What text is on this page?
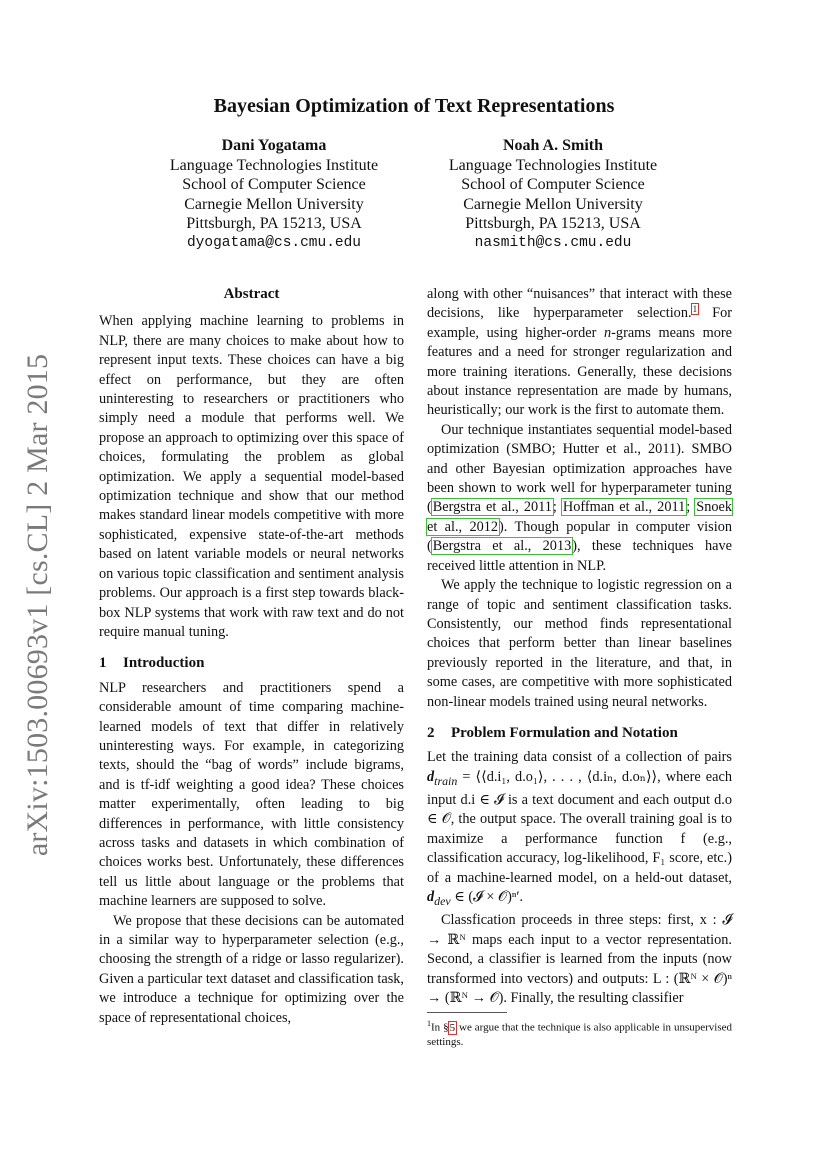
arXiv:1503.00693v1 [cs.CL] 2 Mar 2015
Bayesian Optimization of Text Representations
Dani Yogatama
Language Technologies Institute
School of Computer Science
Carnegie Mellon University
Pittsburgh, PA 15213, USA
dyogatama@cs.cmu.edu
Noah A. Smith
Language Technologies Institute
School of Computer Science
Carnegie Mellon University
Pittsburgh, PA 15213, USA
nasmith@cs.cmu.edu
Abstract

When applying machine learning to problems in NLP, there are many choices to make about how to represent input texts. These choices can have a big effect on performance, but they are often uninteresting to researchers or practitioners who simply need a module that performs well. We propose an approach to optimizing over this space of choices, formulating the problem as global optimization. We apply a sequential model-based optimization technique and show that our method makes standard linear models competitive with more sophisticated, expensive state-of-the-art methods based on latent variable models or neural networks on various topic classification and sentiment analysis problems. Our approach is a first step towards black-box NLP systems that work with raw text and do not require manual tuning.

1 Introduction

NLP researchers and practitioners spend a considerable amount of time comparing machine-learned models of text that differ in relatively uninteresting ways. For example, in categorizing texts, should the “bag of words” include bigrams, and is tf-idf weighting a good idea? These choices matter experimentally, often leading to big differences in performance, with little consistency across tasks and datasets in which combination of choices works best. Unfortunately, these differences tell us little about language or the problems that machine learners are supposed to solve.

We propose that these decisions can be automated in a similar way to hyperparameter selection (e.g., choosing the strength of a ridge or lasso regularizer). Given a particular text dataset and classification task, we introduce a technique for optimizing over the space of representational choices,

along with other “nuisances” that interact with these decisions, like hyperparameter selection.$^1$ For example, using higher-order n-grams means more features and a need for stronger regularization and more training iterations. Generally, these decisions about instance representation are made by humans, heuristically; our work is the first to automate them.

Our technique instantiates sequential model-based optimization (SMBO; Hutter et al., 2011). SMBO and other Bayesian optimization approaches have been shown to work well for hyperparameter tuning (Bergstra et al., 2011; Hoffman et al., 2011; Snoek et al., 2012). Though popular in computer vision (Bergstra et al., 2013), these techniques have received little attention in NLP.

We apply the technique to logistic regression on a range of topic and sentiment classification tasks. Consistently, our method finds representational choices that perform better than linear baselines previously reported in the literature, and that, in some cases, are competitive with more sophisticated non-linear models trained using neural networks.

2 Problem Formulation and Notation

Let the training data consist of a collection of pairs $d_{train}$ = ⟨⟨d.i₁, d.o₁⟩, . . . , ⟨d.iₙ, d.oₙ⟩⟩, where each input d.i ∈ 𝓘 is a text document and each output d.o ∈ 𝒪, the output space. The overall training goal is to maximize a performance function f (e.g., classification accuracy, log-likelihood, F₁ score, etc.) of a machine-learned model, on a held-out dataset, $d_{dev}$ ∈ (𝓘 × 𝒪)ⁿ′.

Classfication proceeds in three steps: first, x : 𝓘 → ℝᴺ maps each input to a vector representation. Second, a classifier is learned from the inputs (now transformed into vectors) and outputs: L : (ℝᴺ × 𝒪)ⁿ → (ℝᴺ → 𝒪). Finally, the resulting classifier

$^1$In §5 we argue that the technique is also applicable in unsupervised settings.
